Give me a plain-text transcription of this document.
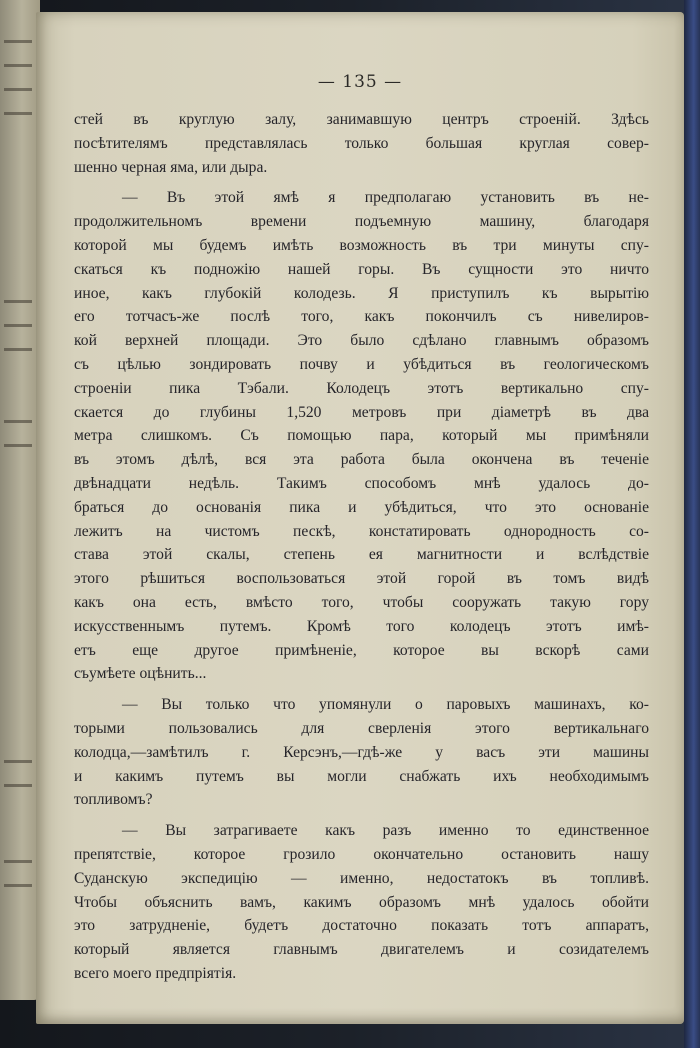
— 135 —
стей въ круглую залу, занимавшую центръ строеній. Здѣсь
посѣтителямъ представлялась только большая круглая совер-
шенно черная яма, или дыра.
— Въ этой ямѣ я предполагаю установить въ не-
продолжительномъ времени подъемную машину, благодаря
которой мы будемъ имѣть возможность въ три минуты спу-
скаться къ подножію нашей горы. Въ сущности это ничто
иное, какъ глубокій колодезь. Я приступилъ къ вырытію
его тотчасъ-же послѣ того, какъ покончилъ съ нивелиров-
кой верхней площади. Это было сдѣлано главнымъ образомъ
съ цѣлью зондировать почву и убѣдиться въ геологическомъ
строеніи пика Тэбали. Колодецъ этотъ вертикально спу-
скается до глубины 1,520 метровъ при діаметрѣ въ два
метра слишкомъ. Съ помощью пара, который мы примѣняли
въ этомъ дѣлѣ, вся эта работа была окончена въ теченіе
двѣнадцати недѣль. Такимъ способомъ мнѣ удалось до-
браться до основанія пика и убѣдиться, что это основаніе
лежитъ на чистомъ пескѣ, констатировать однородность со-
става этой скалы, степень ея магнитности и вслѣдствіе
этого рѣшиться воспользоваться этой горой въ томъ видѣ
какъ она есть, вмѣсто того, чтобы сооружать такую гору
искусственнымъ путемъ. Кромѣ того колодецъ этотъ имѣ-
етъ еще другое примѣненіе, которое вы вскорѣ сами
съумѣете оцѣнить...
— Вы только что упомянули о паровыхъ машинахъ, ко-
торыми пользовались для сверленія этого вертикальнаго
колодца,—замѣтилъ г. Керсэнъ,—гдѣ-же у васъ эти машины
и какимъ путемъ вы могли снабжать ихъ необходимымъ
топливомъ?
— Вы затрагиваете какъ разъ именно то единственное
препятствіе, которое грозило окончательно остановить нашу
Суданскую экспедицію — именно, недостатокъ въ топливѣ.
Чтобы объяснить вамъ, какимъ образомъ мнѣ удалось обойти
это затрудненіе, будетъ достаточно показать тотъ аппаратъ,
который является главнымъ двигателемъ и созидателемъ
всего моего предпріятія.
